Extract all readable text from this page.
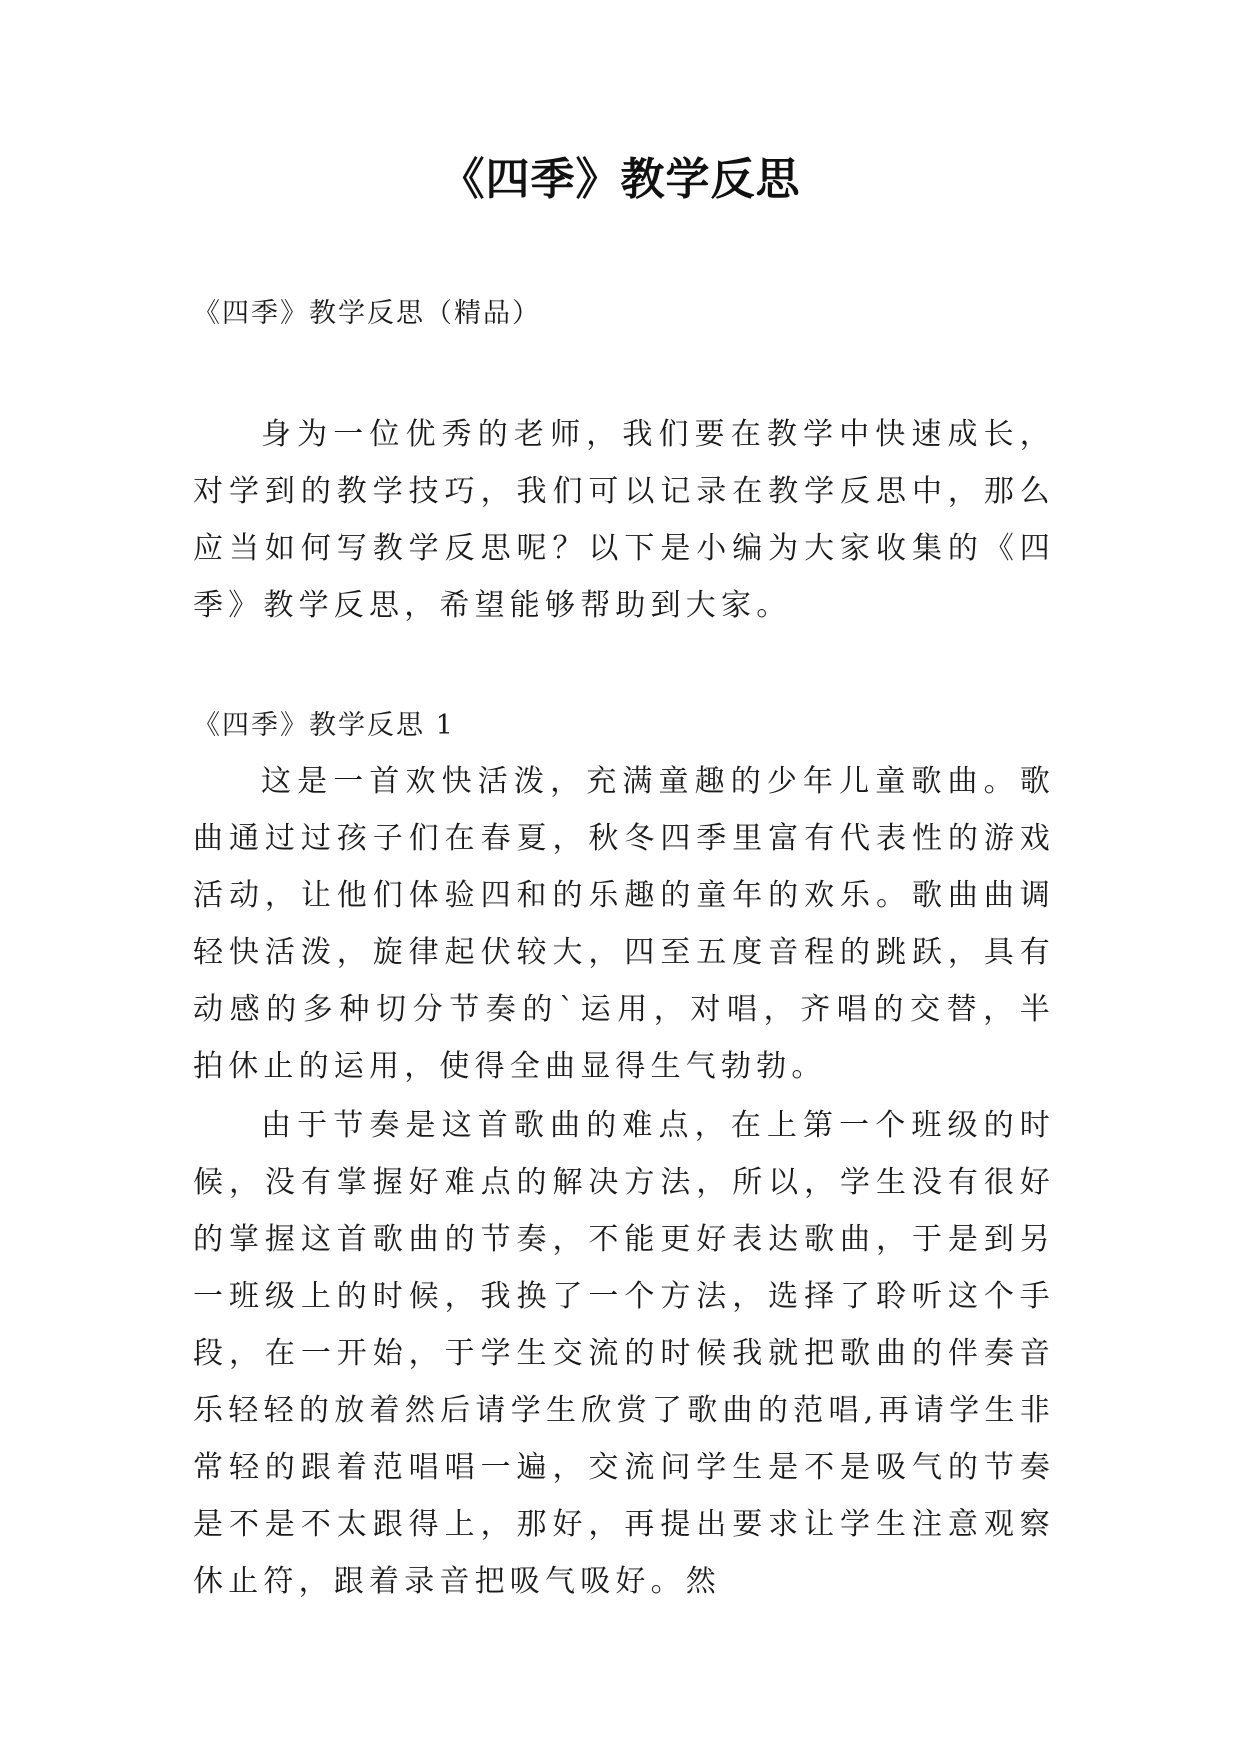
《四季》教学反思

《四季》教学反思（精品）

身为一位优秀的老师，我们要在教学中快速成长，对学到的教学技巧，我们可以记录在教学反思中，那么应当如何写教学反思呢？以下是小编为大家收集的《四季》教学反思，希望能够帮助到大家。

《四季》教学反思 1

这是一首欢快活泼，充满童趣的少年儿童歌曲。歌曲通过过孩子们在春夏，秋冬四季里富有代表性的游戏活动，让他们体验四和的乐趣的童年的欢乐。歌曲曲调轻快活泼，旋律起伏较大，四至五度音程的跳跃，具有动感的多种切分节奏的`运用，对唱，齐唱的交替，半拍休止的运用，使得全曲显得生气勃勃。

由于节奏是这首歌曲的难点，在上第一个班级的时候，没有掌握好难点的解决方法，所以，学生没有很好的掌握这首歌曲的节奏，不能更好表达歌曲，于是到另一班级上的时候，我换了一个方法，选择了聆听这个手段，在一开始，于学生交流的时候我就把歌曲的伴奏音乐轻轻的放着然后请学生欣赏了歌曲的范唱,再请学生非常轻的跟着范唱唱一遍，交流问学生是不是吸气的节奏是不是不太跟得上，那好，再提出要求让学生注意观察休止符，跟着录音把吸气吸好。然
